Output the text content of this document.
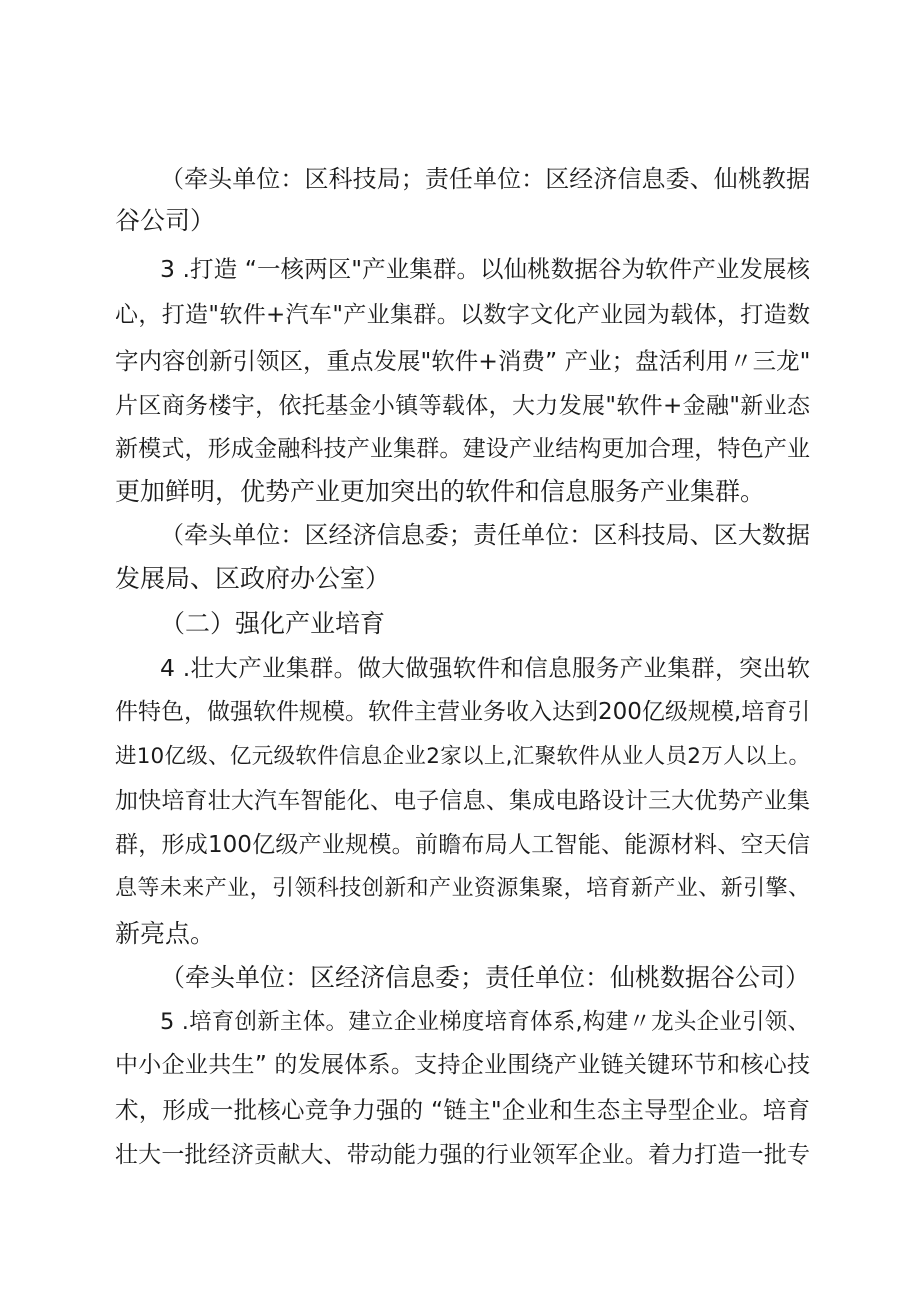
（牵头单位：区科技局；责任单位：区经济信息委、仙桃教据
谷公司）
3 .打造 “一核两区"产业集群。以仙桃数据谷为软件产业发展核
心，打造"软件+汽车"产业集群。以数字文化产业园为载体，打造数
字内容创新引领区，重点发展"软件+消费” 产业；盘活利用〃三龙"
片区商务楼宇，依托基金小镇等载体，大力发展"软件+金融"新业态
新模式，形成金融科技产业集群。建设产业结构更加合理，特色产业
更加鲜明，优势产业更加突出的软件和信息服务产业集群。
（牵头单位：区经济信息委；责任单位：区科技局、区大数据
发展局、区政府办公室）
（二）强化产业培育
4 .壮大产业集群。做大做强软件和信息服务产业集群，突出软
件特色，做强软件规模。软件主营业务收入达到200亿级规模,培育引
进10亿级、亿元级软件信息企业2家以上,汇聚软件从业人员2万人以上。
加快培育壮大汽车智能化、电子信息、集成电路设计三大优势产业集
群，形成100亿级产业规模。前瞻布局人工智能、能源材料、空天信
息等未来产业，引领科技创新和产业资源集聚，培育新产业、新引擎、
新亮点。
（牵头单位：区经济信息委；责任单位：仙桃数据谷公司）
5 .培育创新主体。建立企业梯度培育体系,构建〃龙头企业引领、
中小企业共生” 的发展体系。支持企业围绕产业链关键环节和核心技
术，形成一批核心竞争力强的 “链主"企业和生态主导型企业。培育
壮大一批经济贡献大、带动能力强的行业领军企业。着力打造一批专
